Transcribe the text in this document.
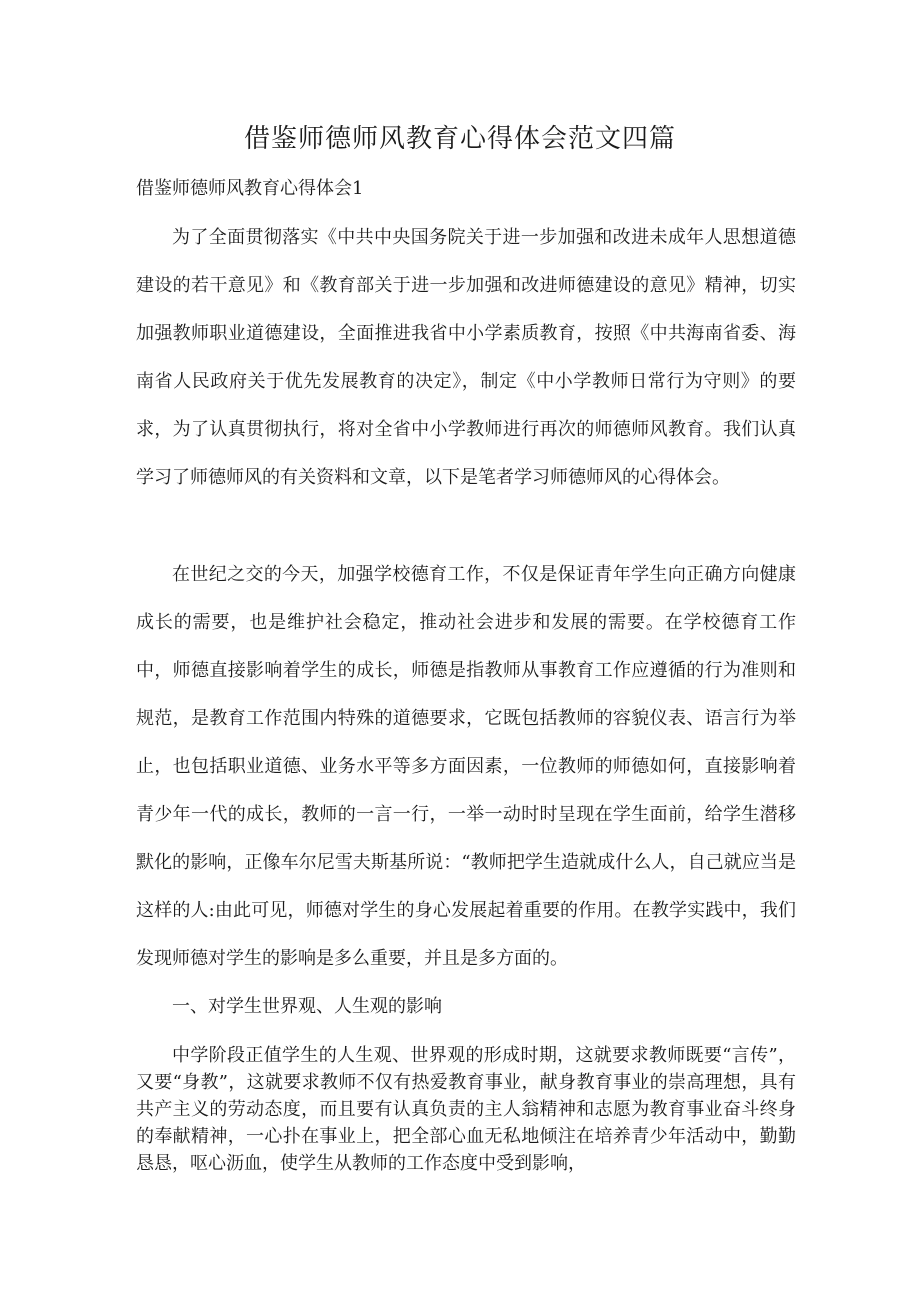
借鉴师德师风教育心得体会范文四篇

借鉴师德师风教育心得体会1

为了全面贯彻落实《中共中央国务院关于进一步加强和改进未成年人思想道德建设的若干意见》和《教育部关于进一步加强和改进师德建设的意见》精神，切实加强教师职业道德建设，全面推进我省中小学素质教育，按照《中共海南省委、海南省人民政府关于优先发展教育的决定》，制定《中小学教师日常行为守则》的要求，为了认真贯彻执行，将对全省中小学教师进行再次的师德师风教育。我们认真学习了师德师风的有关资料和文章，以下是笔者学习师德师风的心得体会。

在世纪之交的今天，加强学校德育工作，不仅是保证青年学生向正确方向健康成长的需要，也是维护社会稳定，推动社会进步和发展的需要。在学校德育工作中，师德直接影响着学生的成长，师德是指教师从事教育工作应遵循的行为准则和规范，是教育工作范围内特殊的道德要求，它既包括教师的容貌仪表、语言行为举止，也包括职业道德、业务水平等多方面因素，一位教师的师德如何，直接影响着青少年一代的成长，教师的一言一行，一举一动时时呈现在学生面前，给学生潜移默化的影响，正像车尔尼雪夫斯基所说：“教师把学生造就成什么人，自己就应当是这样的人:由此可见，师德对学生的身心发展起着重要的作用。在教学实践中，我们发现师德对学生的影响是多么重要，并且是多方面的。

一、对学生世界观、人生观的影响

中学阶段正值学生的人生观、世界观的形成时期，这就要求教师既要“言传”，又要“身教”，这就要求教师不仅有热爱教育事业，献身教育事业的崇高理想，具有共产主义的劳动态度，而且要有认真负责的主人翁精神和志愿为教育事业奋斗终身的奉献精神，一心扑在事业上，把全部心血无私地倾注在培养青少年活动中，勤勤恳恳，呕心沥血，使学生从教师的工作态度中受到影响，
